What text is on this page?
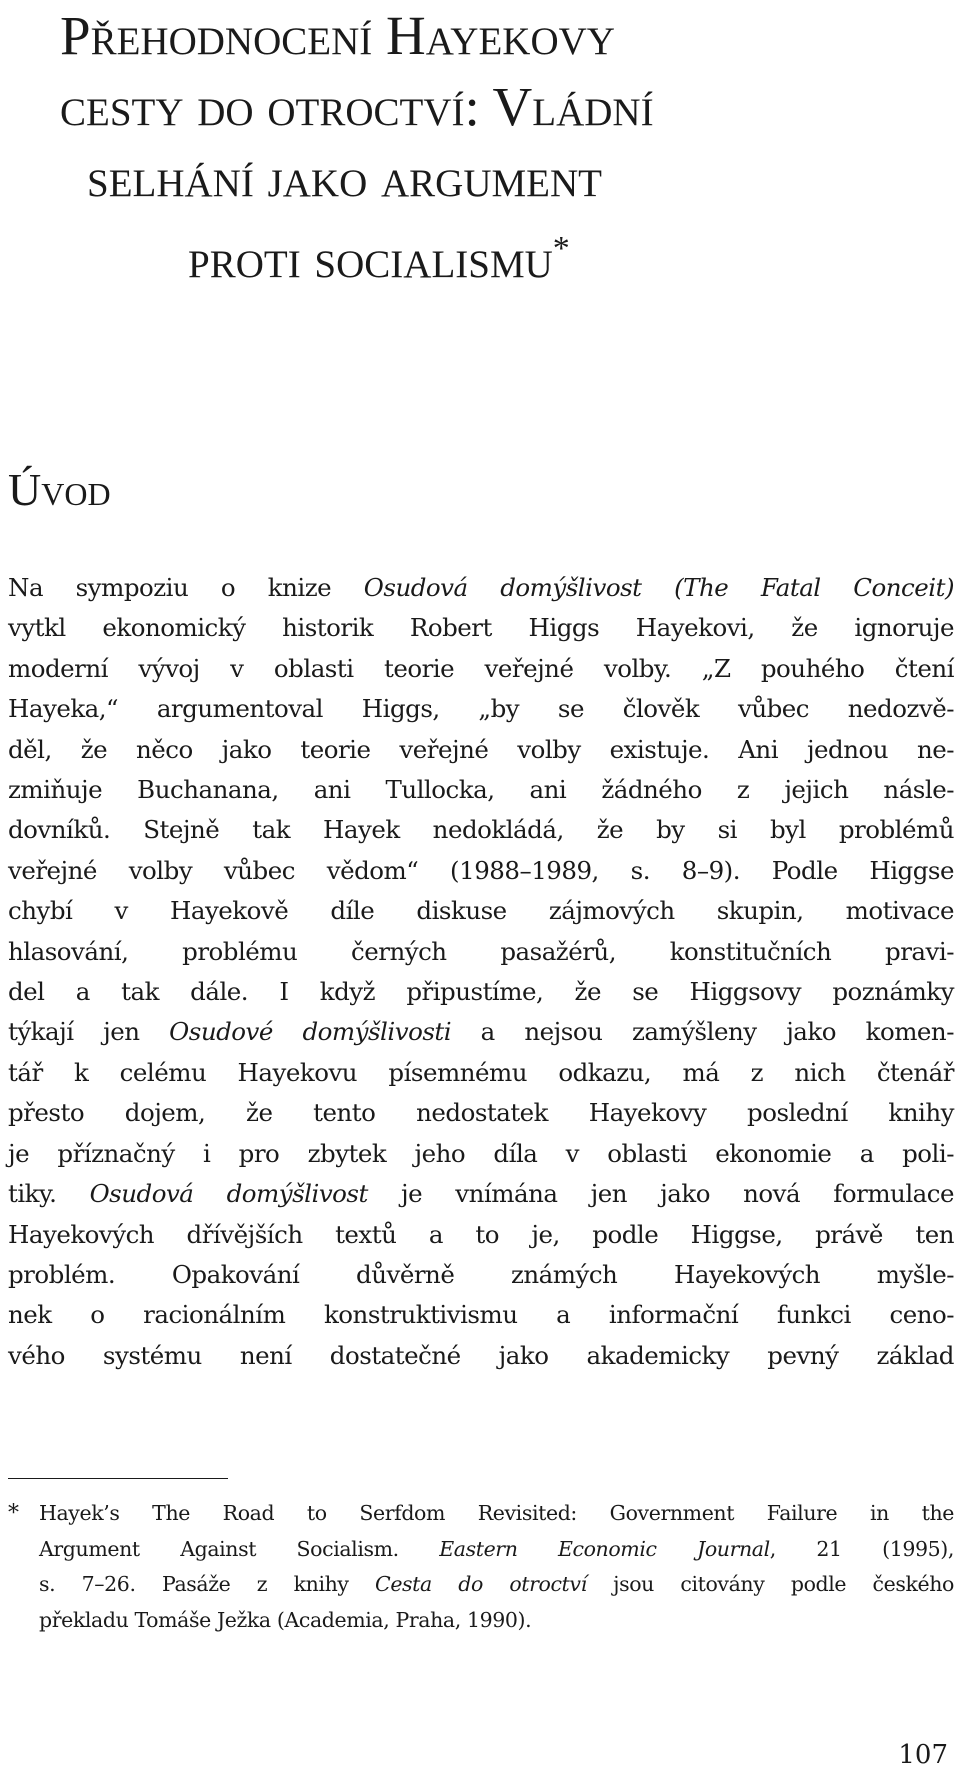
Přehodnocení Hayekovy
cesty do otroctví: Vládní
selhání jako argument
proti socialismu*
Úvod
Na sympoziu o knize Osudová domýšlivost (The Fatal Conceit)
vytkl ekonomický historik Robert Higgs Hayekovi, že ignoruje
moderní vývoj v oblasti teorie veřejné volby. „Z pouhého čtení
Hayeka,“ argumentoval Higgs, „by se člověk vůbec nedozvě-
děl, že něco jako teorie veřejné volby existuje. Ani jednou ne-
zmiňuje Buchanana, ani Tullocka, ani žádného z jejich násle-
dovníků. Stejně tak Hayek nedokládá, že by si byl problémů
veřejné volby vůbec vědom“ (1988–1989, s. 8–9). Podle Higgse
chybí v Hayekově díle diskuse zájmových skupin, motivace
hlasování, problému černých pasažérů, konstitučních pravi-
del a tak dále. I když připustíme, že se Higgsovy poznámky
týkají jen Osudové domýšlivosti a nejsou zamýšleny jako komen-
tář k celému Hayekovu písemnému odkazu, má z nich čtenář
přesto dojem, že tento nedostatek Hayekovy poslední knihy
je příznačný i pro zbytek jeho díla v oblasti ekonomie a poli-
tiky. Osudová domýšlivost je vnímána jen jako nová formulace
Hayekových dřívějších textů a to je, podle Higgse, právě ten
problém. Opakování důvěrně známých Hayekových myšle-
nek o racionálním konstruktivismu a informační funkci ceno-
vého systému není dostatečné jako akademicky pevný základ
* Hayek’s The Road to Serfdom Revisited: Government Failure in the
Argument Against Socialism. Eastern Economic Journal, 21 (1995),
s. 7–26. Pasáže z knihy Cesta do otroctví jsou citovány podle českého
překladu Tomáše Ježka (Academia, Praha, 1990).
107
